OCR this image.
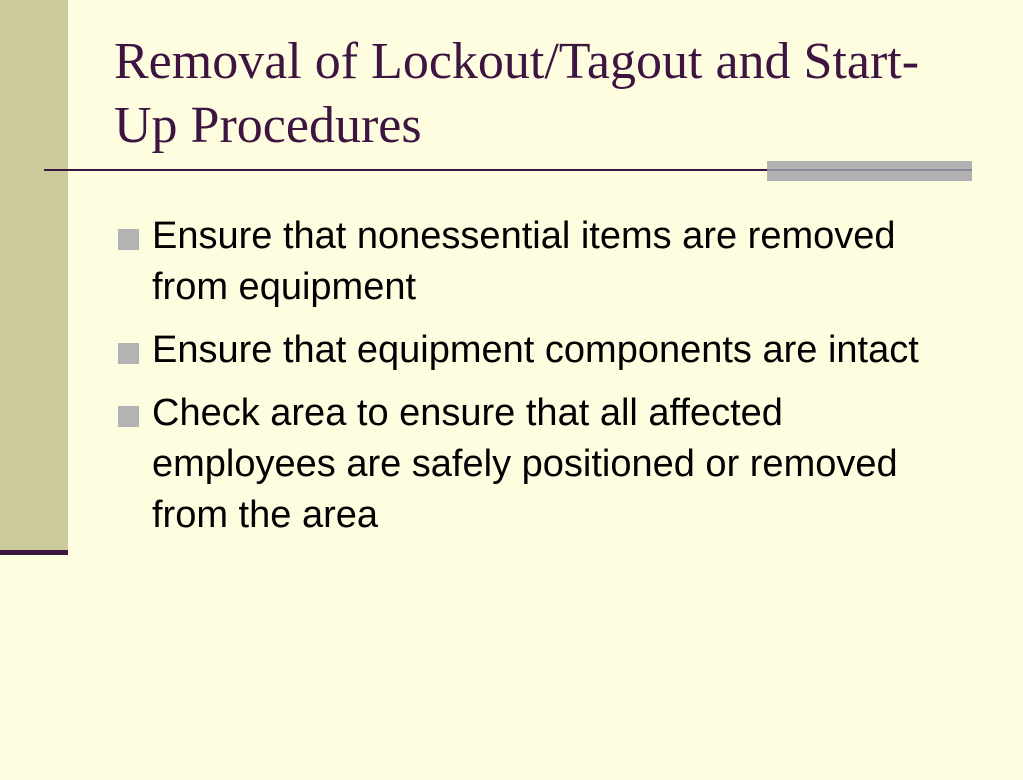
Removal of Lockout/Tagout and Start-Up Procedures
Ensure that nonessential items are removed from equipment
Ensure that equipment components are intact
Check area to ensure that all affected employees are safely positioned or removed from the area
